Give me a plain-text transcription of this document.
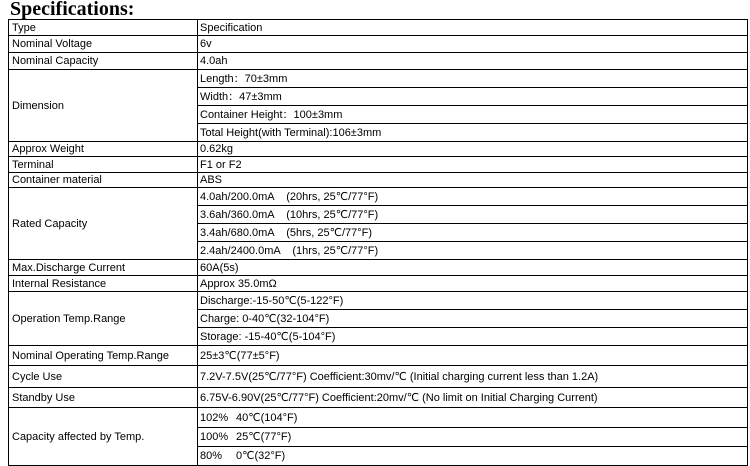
Specifications:
Type	Specification
Nominal Voltage	6v
Nominal Capacity	4.0ah
Dimension	Length：70±3mm
	Width：47±3mm
	Container Height：100±3mm
	Total Height(with Terminal):106±3mm
Approx Weight	0.62kg
Terminal	F1 or F2
Container material	ABS
Rated Capacity	4.0ah/200.0mA    (20hrs, 25℃/77°F)
	3.6ah/360.0mA    (10hrs, 25℃/77°F)
	3.4ah/680.0mA    (5hrs, 25℃/77°F)
	2.4ah/2400.0mA    (1hrs, 25℃/77°F)
Max.Discharge Current	60A(5s)
Internal Resistance	Approx 35.0mΩ
Operation Temp.Range	Discharge:-15-50℃(5-122°F)
	Charge: 0-40℃(32-104°F)
	Storage: -15-40℃(5-104°F)
Nominal Operating Temp.Range	25±3℃(77±5°F)
Cycle Use	7.2V-7.5V(25℃/77°F) Coefficient:30mv/℃ (Initial charging current less than 1.2A)
Standby Use	6.75V-6.90V(25℃/77°F) Coefficient:20mv/℃ (No limit on Initial Charging Current)
Capacity affected by Temp.	102% 40℃(104°F)
	100% 25℃(77°F)
	80% 0℃(32°F)
